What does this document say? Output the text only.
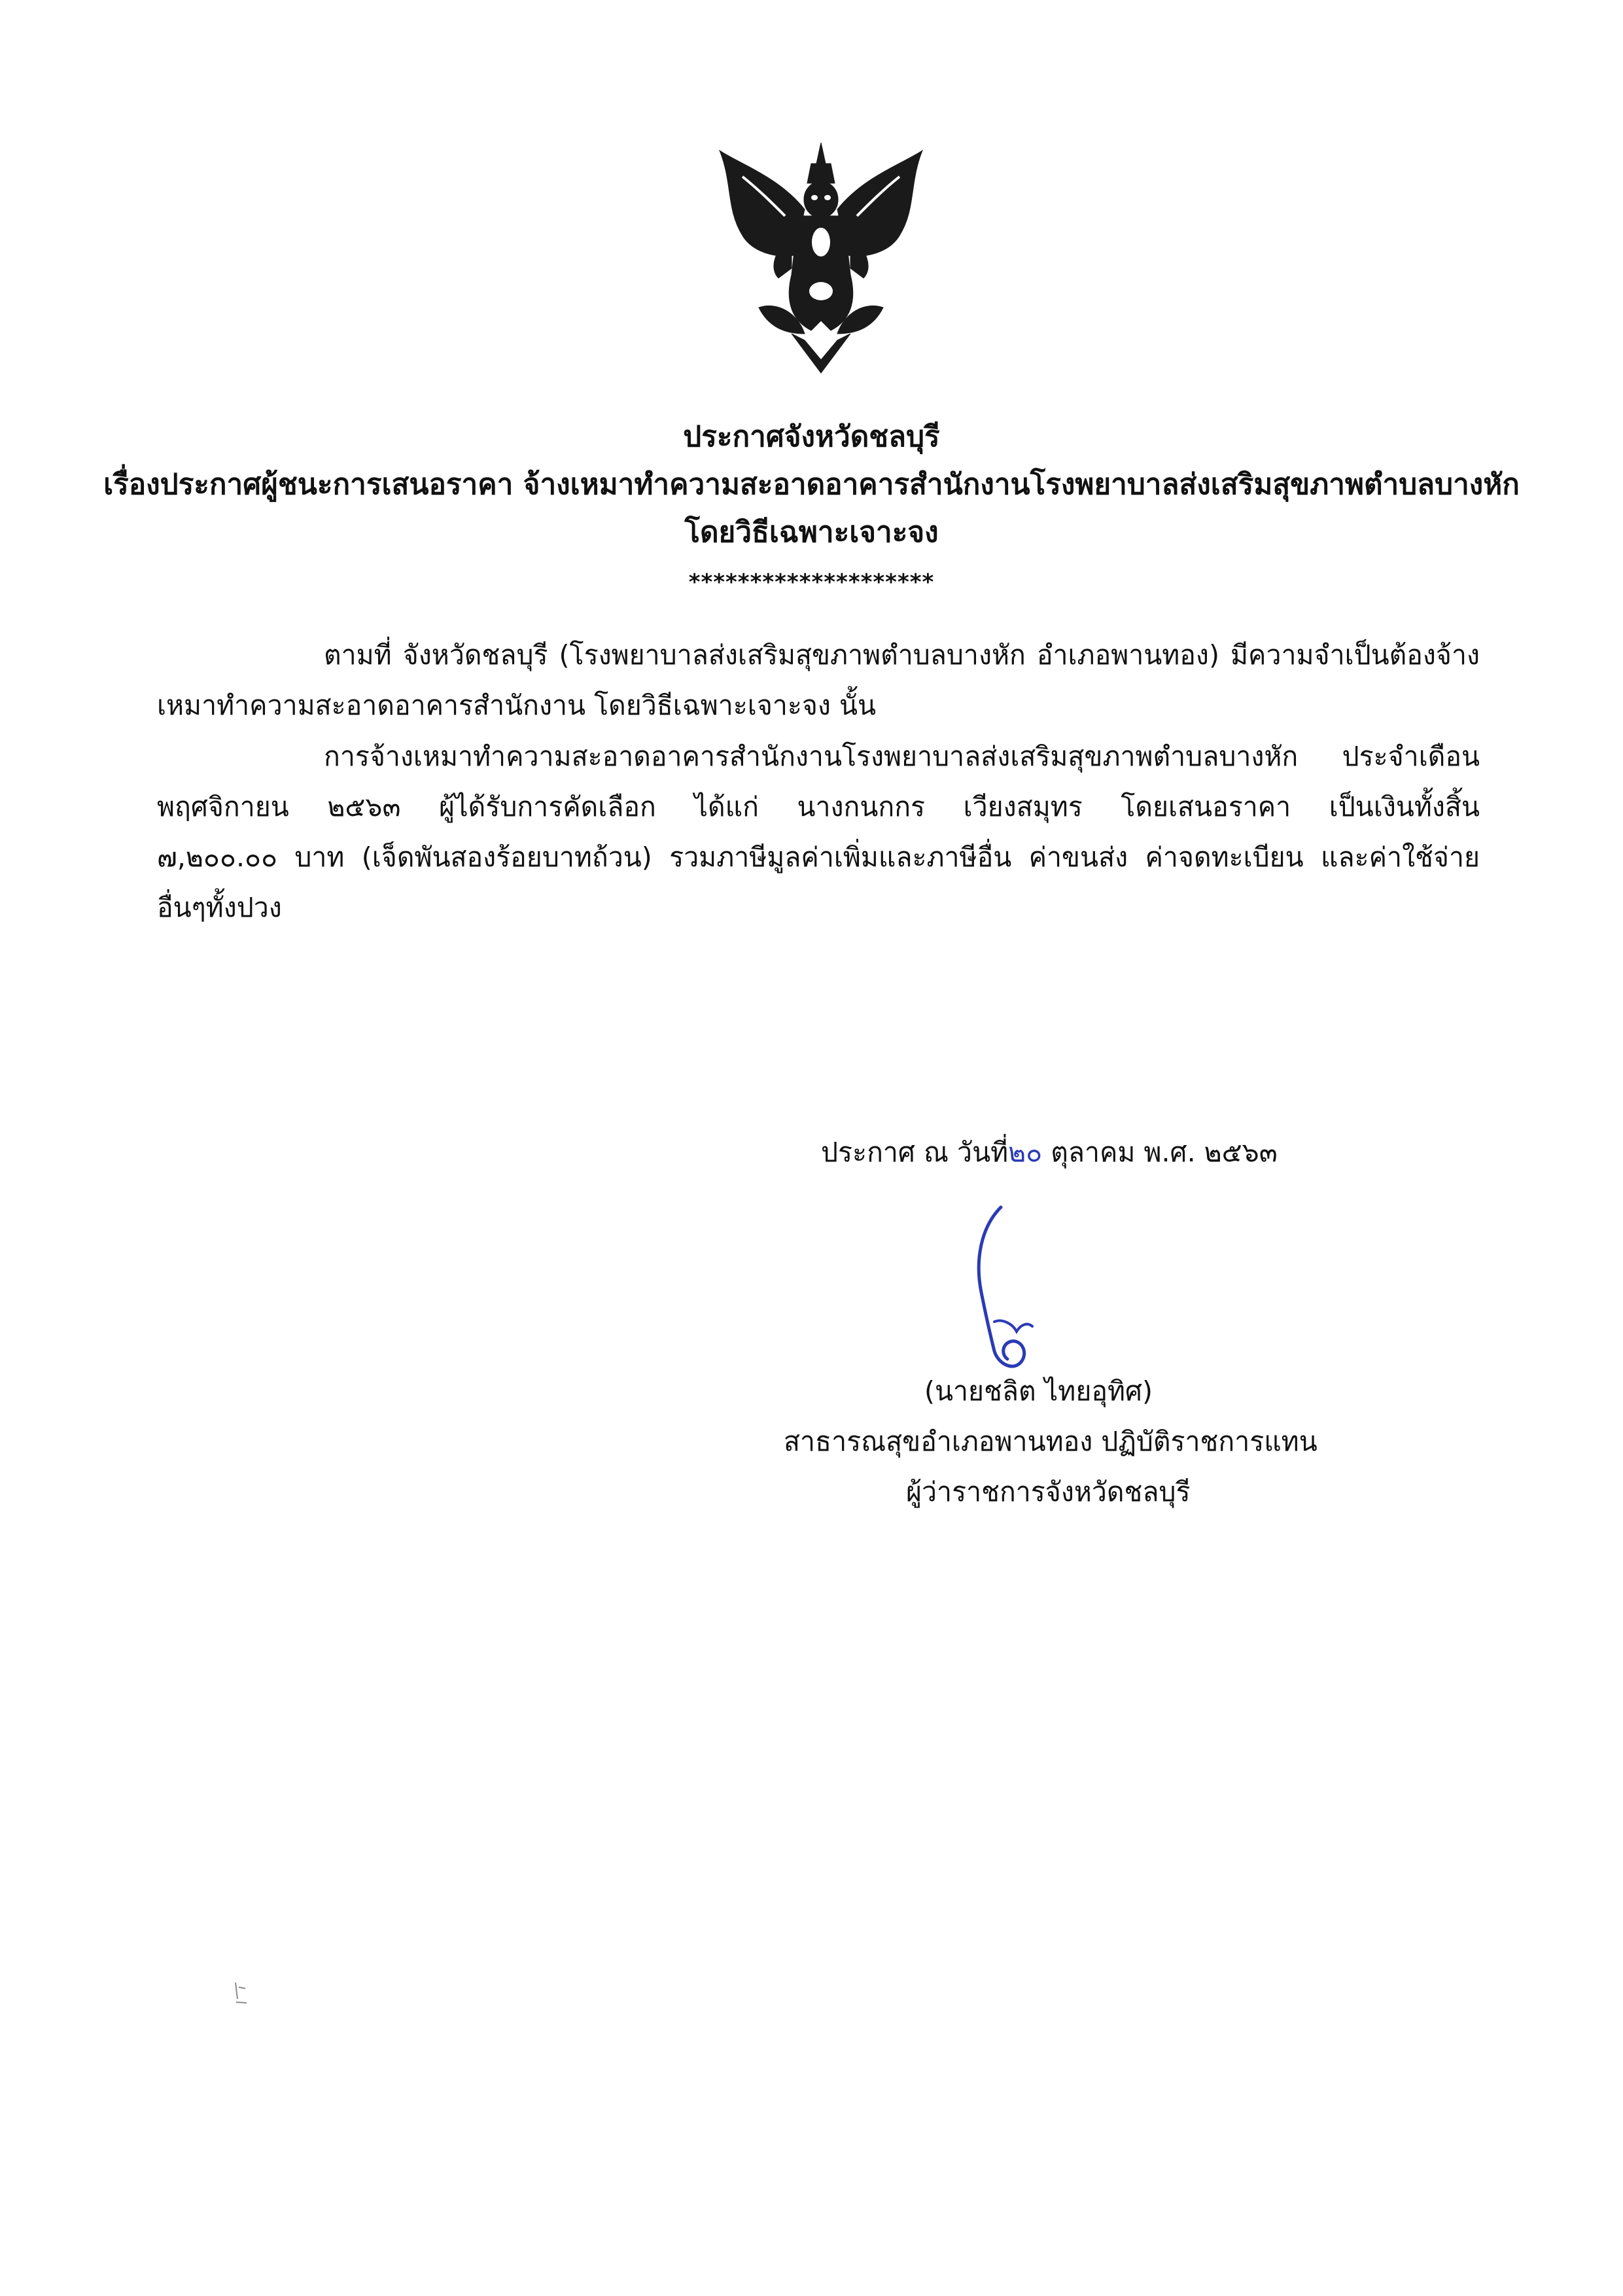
ประกาศจังหวัดชลบุรี
เรื่องประกาศผู้ชนะการเสนอราคา จ้างเหมาทำความสะอาดอาคารสำนักงานโรงพยาบาลส่งเสริมสุขภาพตำบลบางหัก
โดยวิธีเฉพาะเจาะจง
********************
ตามที่ จังหวัดชลบุรี (โรงพยาบาลส่งเสริมสุขภาพตำบลบางหัก อำเภอพานทอง) มีความจำเป็นต้องจ้าง
เหมาทำความสะอาดอาคารสำนักงาน โดยวิธีเฉพาะเจาะจง นั้น
การจ้างเหมาทำความสะอาดอาคารสำนักงานโรงพยาบาลส่งเสริมสุขภาพตำบลบางหัก ประจำเดือน
พฤศจิกายน ๒๕๖๓ ผู้ได้รับการคัดเลือก ได้แก่ นางกนกกร เวียงสมุทร โดยเสนอราคา เป็นเงินทั้งสิ้น
๗,๒๐๐.๐๐ บาท (เจ็ดพันสองร้อยบาทถ้วน) รวมภาษีมูลค่าเพิ่มและภาษีอื่น ค่าขนส่ง ค่าจดทะเบียน และค่าใช้จ่าย
อื่นๆทั้งปวง
ประกาศ ณ วันที่๒๐ ตุลาคม พ.ศ. ๒๕๖๓
(นายชลิต ไทยอุทิศ)
สาธารณสุขอำเภอพานทอง ปฏิบัติราชการแทน
ผู้ว่าราชการจังหวัดชลบุรี
